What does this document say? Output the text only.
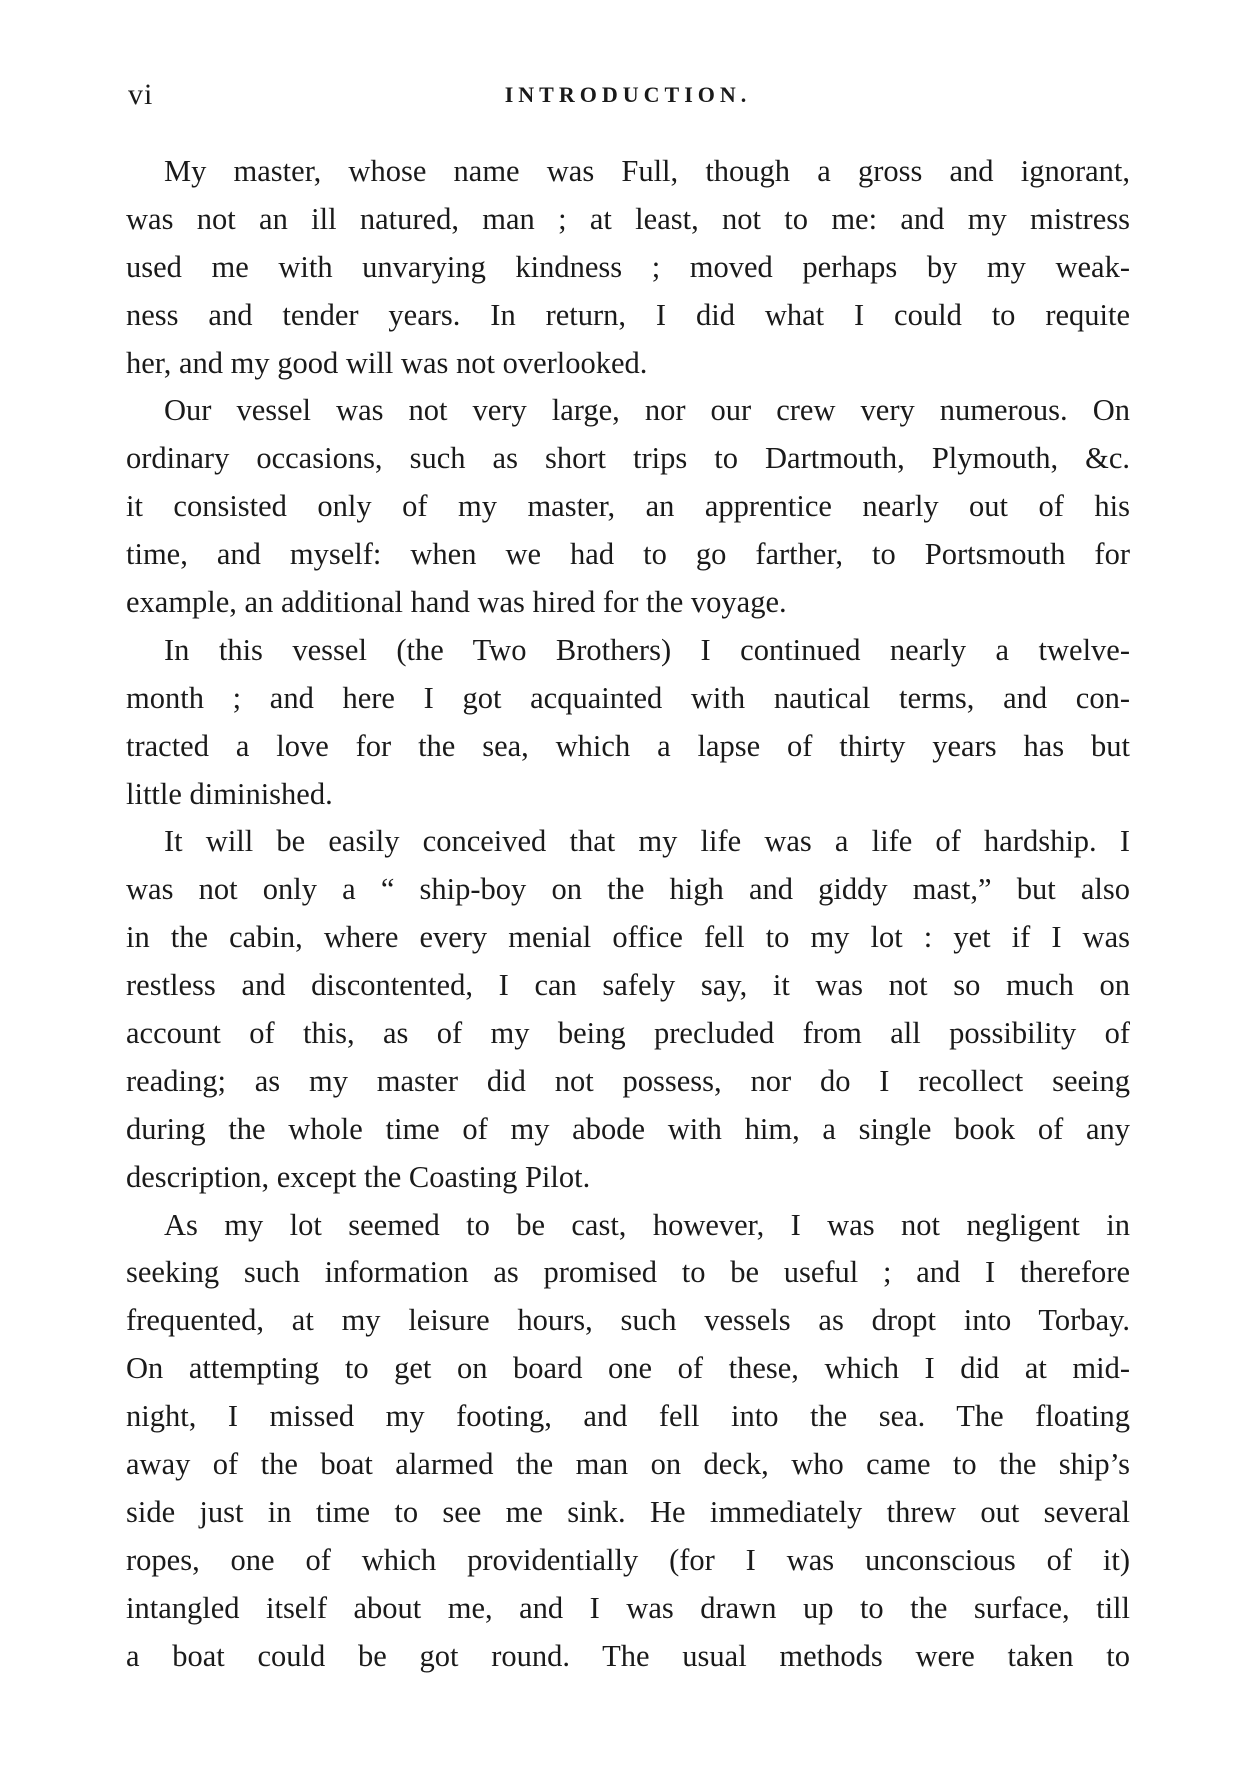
vi	INTRODUCTION.
My master, whose name was Full, though a gross and ignorant,
was not an ill natured, man ; at least, not to me: and my mistress
used me with unvarying kindness ; moved perhaps by my weak-
ness and tender years. In return, I did what I could to requite
her, and my good will was not overlooked.
Our vessel was not very large, nor our crew very numerous. On
ordinary occasions, such as short trips to Dartmouth, Plymouth, &c.
it consisted only of my master, an apprentice nearly out of his
time, and myself: when we had to go farther, to Portsmouth for
example, an additional hand was hired for the voyage.
In this vessel (the Two Brothers) I continued nearly a twelve-
month ; and here I got acquainted with nautical terms, and con-
tracted a love for the sea, which a lapse of thirty years has but
little diminished.
It will be easily conceived that my life was a life of hardship. I
was not only a “ ship-boy on the high and giddy mast,” but also
in the cabin, where every menial office fell to my lot : yet if I was
restless and discontented, I can safely say, it was not so much on
account of this, as of my being precluded from all possibility of
reading; as my master did not possess, nor do I recollect seeing
during the whole time of my abode with him, a single book of any
description, except the Coasting Pilot.
As my lot seemed to be cast, however, I was not negligent in
seeking such information as promised to be useful ; and I therefore
frequented, at my leisure hours, such vessels as dropt into Torbay.
On attempting to get on board one of these, which I did at mid-
night, I missed my footing, and fell into the sea. The floating
away of the boat alarmed the man on deck, who came to the ship’s
side just in time to see me sink. He immediately threw out several
ropes, one of which providentially (for I was unconscious of it)
intangled itself about me, and I was drawn up to the surface, till
a boat could be got round. The usual methods were taken to
